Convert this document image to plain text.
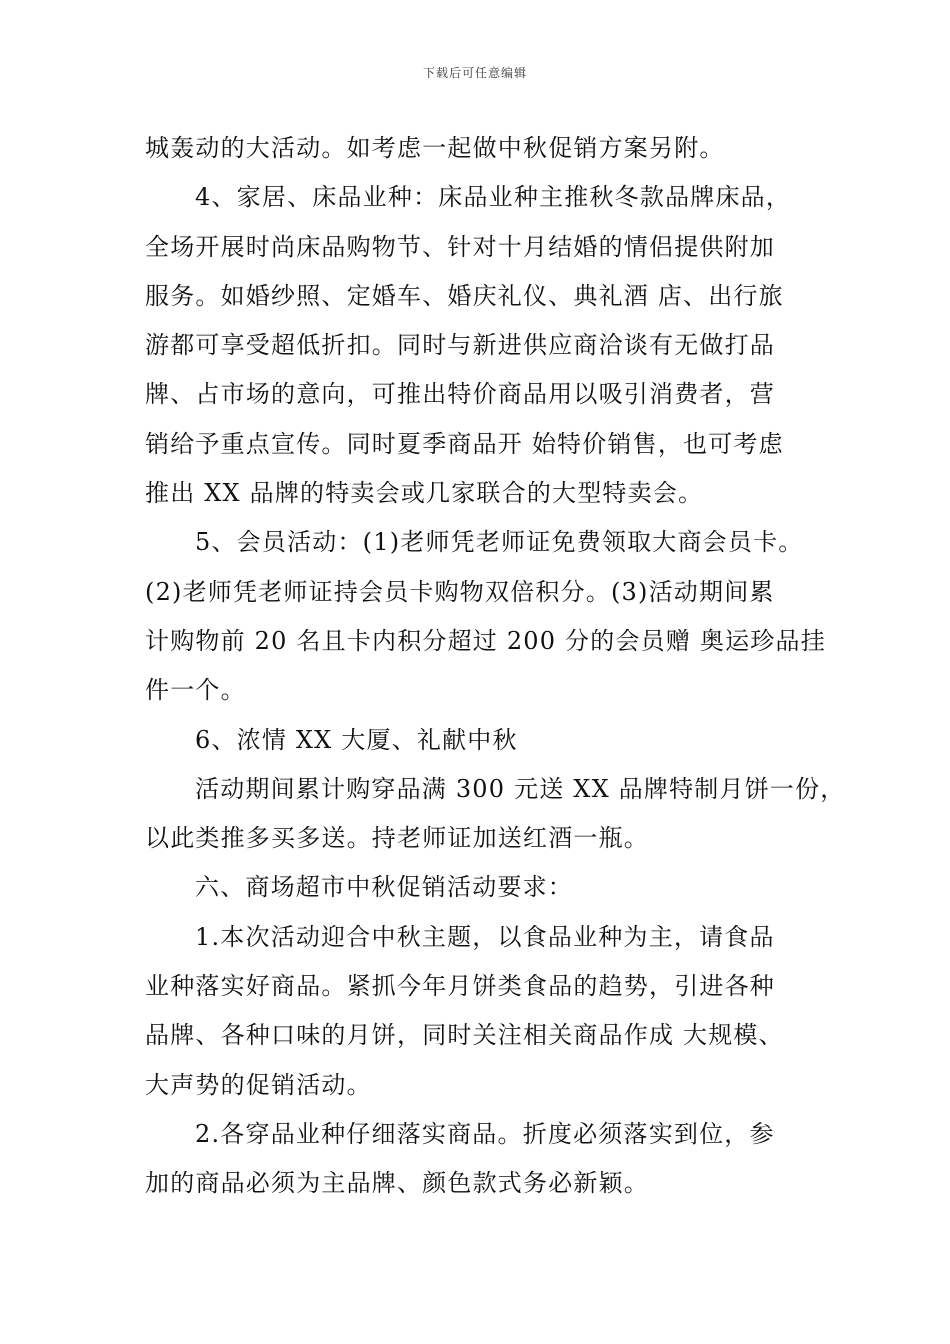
下载后可任意编辑
城轰动的大活动。如考虑一起做中秋促销方案另附。
4、家居、床品业种：床品业种主推秋冬款品牌床品，
全场开展时尚床品购物节、针对十月结婚的情侣提供附加
服务。如婚纱照、定婚车、婚庆礼仪、典礼酒 店、出行旅
游都可享受超低折扣。同时与新进供应商洽谈有无做打品
牌、占市场的意向，可推出特价商品用以吸引消费者，营
销给予重点宣传。同时夏季商品开 始特价销售，也可考虑
推出 XX 品牌的特卖会或几家联合的大型特卖会。
5、会员活动：(1)老师凭老师证免费领取大商会员卡。
(2)老师凭老师证持会员卡购物双倍积分。(3)活动期间累
计购物前 20 名且卡内积分超过 200 分的会员赠 奥运珍品挂
件一个。
6、浓情 XX 大厦、礼献中秋
活动期间累计购穿品满 300 元送 XX 品牌特制月饼一份，
以此类推多买多送。持老师证加送红酒一瓶。
六、商场超市中秋促销活动要求：
1.本次活动迎合中秋主题，以食品业种为主，请食品
业种落实好商品。紧抓今年月饼类食品的趋势，引进各种
品牌、各种口味的月饼，同时关注相关商品作成 大规模、
大声势的促销活动。
2.各穿品业种仔细落实商品。折度必须落实到位，参
加的商品必须为主品牌、颜色款式务必新颖。
